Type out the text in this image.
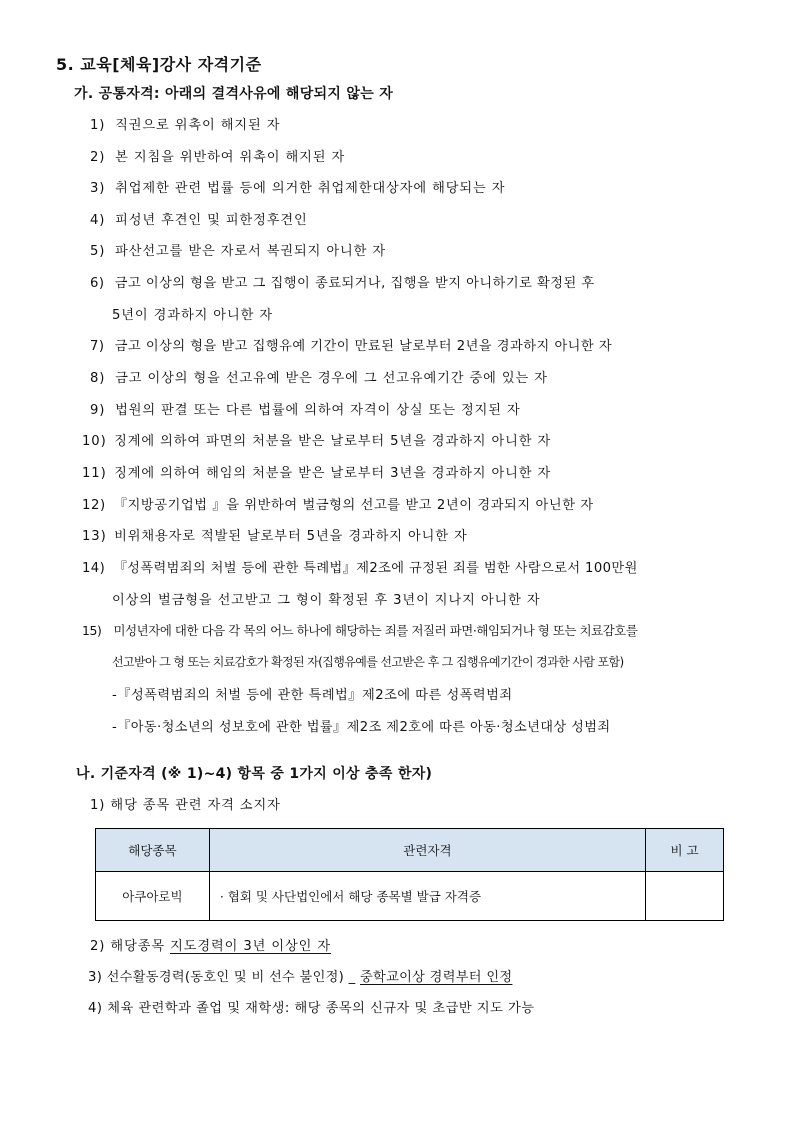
5. 교육[체육]강사 자격기준
가. 공통자격: 아래의 결격사유에 해당되지 않는 자
1) 직권으로 위촉이 해지된 자
2) 본 지침을 위반하여 위촉이 해지된 자
3) 취업제한 관련 법률 등에 의거한 취업제한대상자에 해당되는 자
4) 피성년 후견인 및 피한정후견인
5) 파산선고를 받은 자로서 복권되지 아니한 자
6) 금고 이상의 형을 받고 그 집행이 종료되거나, 집행을 받지 아니하기로 확정된 후
5년이 경과하지 아니한 자
7) 금고 이상의 형을 받고 집행유예 기간이 만료된 날로부터 2년을 경과하지 아니한 자
8) 금고 이상의 형을 선고유예 받은 경우에 그 선고유예기간 중에 있는 자
9) 법원의 판결 또는 다른 법률에 의하여 자격이 상실 또는 정지된 자
10) 징계에 의하여 파면의 처분을 받은 날로부터 5년을 경과하지 아니한 자
11) 징계에 의하여 해임의 처분을 받은 날로부터 3년을 경과하지 아니한 자
12) 『지방공기업법 』을 위반하여 벌금형의 선고를 받고 2년이 경과되지 아닌한 자
13) 비위채용자로 적발된 날로부터 5년을 경과하지 아니한 자
14) 『성폭력범죄의 처벌 등에 관한 특례법』제2조에 규정된 죄를 범한 사람으로서 100만원
이상의 벌금형을 선고받고 그 형이 확정된 후 3년이 지나지 아니한 자
15) 미성년자에 대한 다음 각 목의 어느 하나에 해당하는 죄를 저질러 파면·해임되거나 형 또는 치료감호를
선고받아 그 형 또는 치료감호가 확정된 자(집행유예를 선고받은 후 그 집행유예기간이 경과한 사람 포함)
-『성폭력범죄의 처벌 등에 관한 특례법』제2조에 따른 성폭력범죄
-『아동·청소년의 성보호에 관한 법률』제2조 제2호에 따른 아동·청소년대상 성범죄
나. 기준자격 (※ 1)~4) 항목 중 1가지 이상 충족 한자)
1) 해당 종목 관련 자격 소지자
해당종목	관련자격	비 고
아쿠아로빅	· 협회 및 사단법인에서 해당 종목별 발급 자격증	
2) 해당종목 지도경력이 3년 이상인 자
3) 선수활동경력(동호인 및 비 선수 불인정) _ 중학교이상 경력부터 인정
4) 체육 관련학과 졸업 및 재학생: 해당 종목의 신규자 및 초급반 지도 가능
